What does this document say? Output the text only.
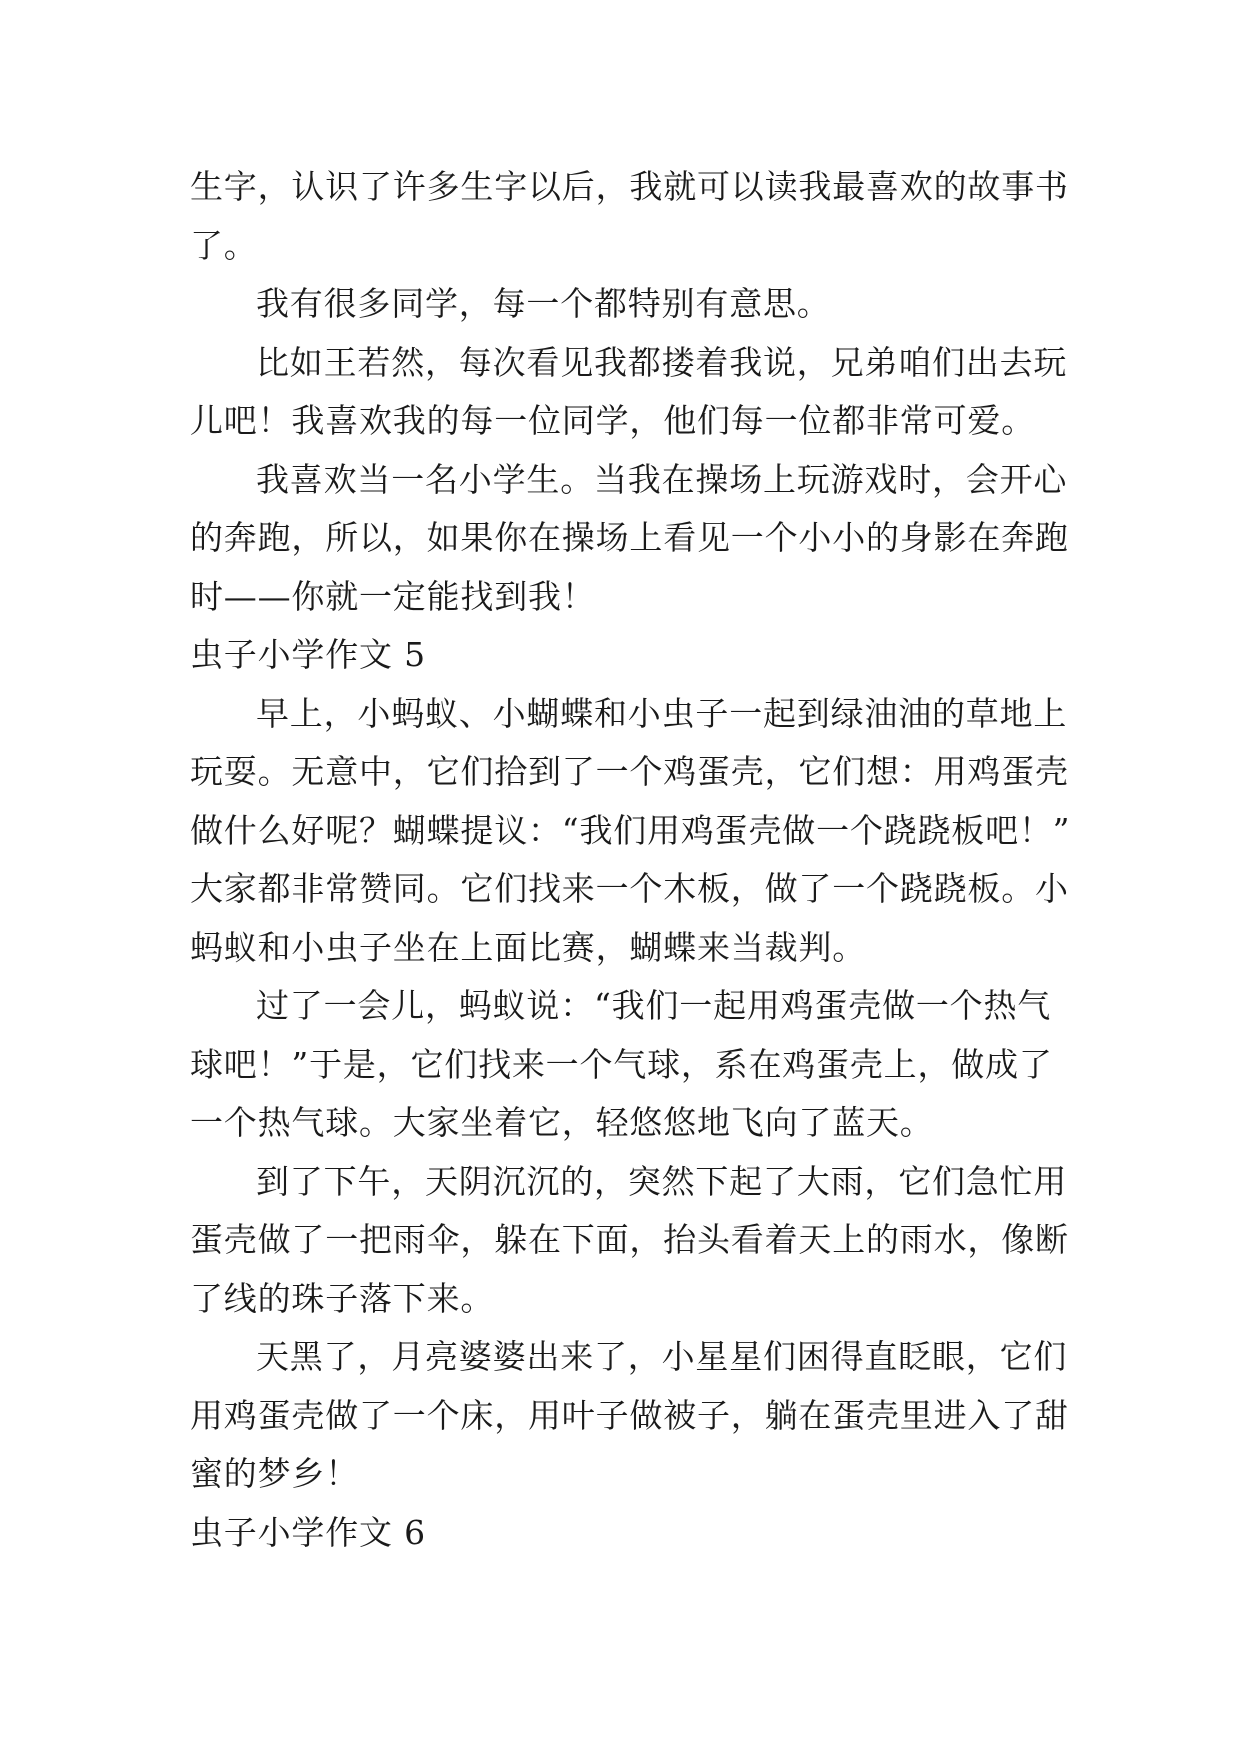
生字，认识了许多生字以后，我就可以读我最喜欢的故事书
了。
我有很多同学，每一个都特别有意思。
比如王若然，每次看见我都搂着我说，兄弟咱们出去玩
儿吧！我喜欢我的每一位同学，他们每一位都非常可爱。
我喜欢当一名小学生。当我在操场上玩游戏时，会开心
的奔跑，所以，如果你在操场上看见一个小小的身影在奔跑
时——你就一定能找到我！
虫子小学作文 5
早上，小蚂蚁、小蝴蝶和小虫子一起到绿油油的草地上
玩耍。无意中，它们拾到了一个鸡蛋壳，它们想：用鸡蛋壳
做什么好呢？蝴蝶提议：“我们用鸡蛋壳做一个跷跷板吧！”
大家都非常赞同。它们找来一个木板，做了一个跷跷板。小
蚂蚁和小虫子坐在上面比赛，蝴蝶来当裁判。
过了一会儿，蚂蚁说：“我们一起用鸡蛋壳做一个热气
球吧！”于是，它们找来一个气球，系在鸡蛋壳上，做成了
一个热气球。大家坐着它，轻悠悠地飞向了蓝天。
到了下午，天阴沉沉的，突然下起了大雨，它们急忙用
蛋壳做了一把雨伞，躲在下面，抬头看着天上的雨水，像断
了线的珠子落下来。
天黑了，月亮婆婆出来了，小星星们困得直眨眼，它们
用鸡蛋壳做了一个床，用叶子做被子，躺在蛋壳里进入了甜
蜜的梦乡！
虫子小学作文 6
